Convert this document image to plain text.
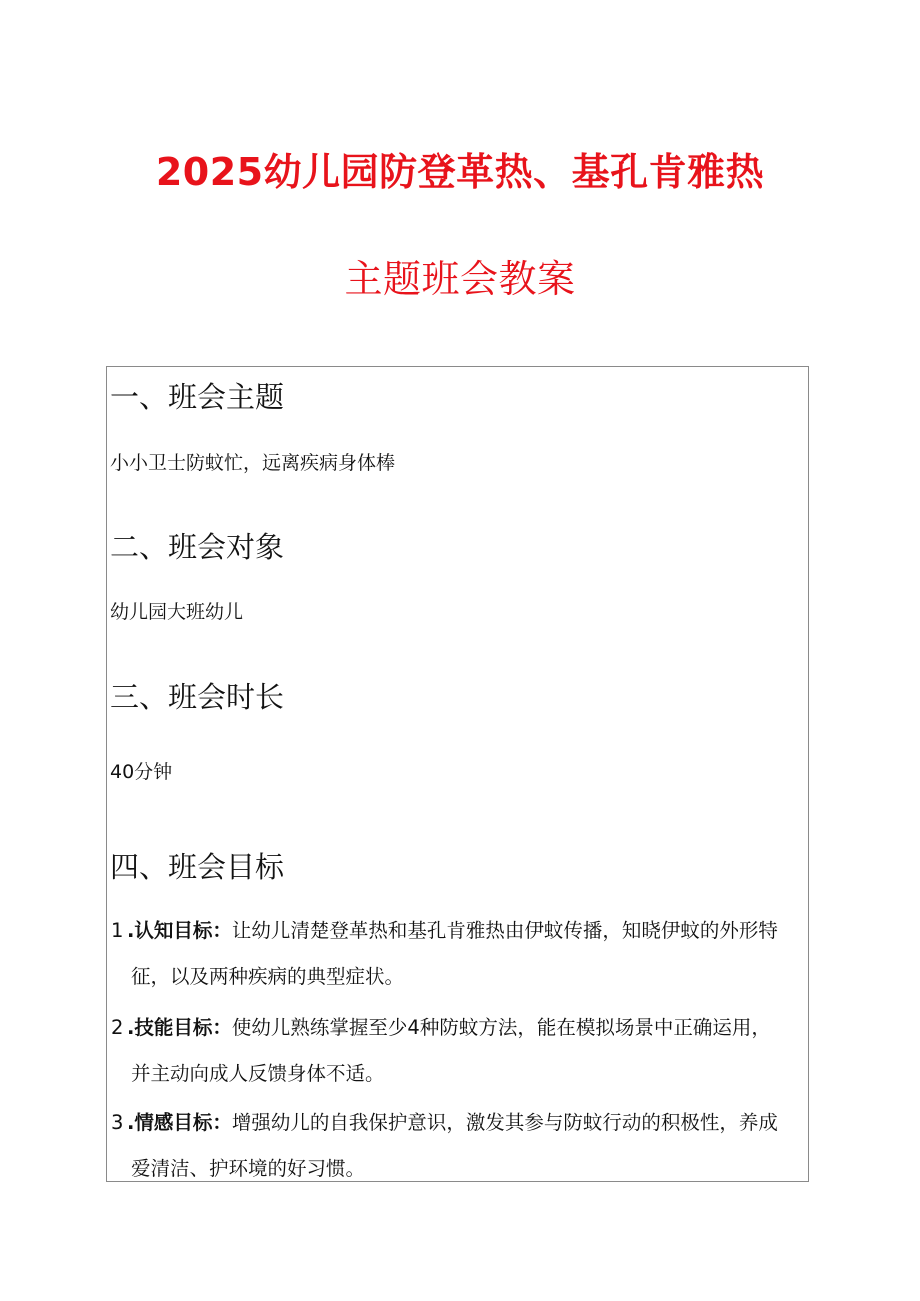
2025幼儿园防登革热、基孔肯雅热
主题班会教案
一、班会主题
小小卫士防蚊忙，远离疾病身体棒
二、班会对象
幼儿园大班幼儿
三、班会时长
40分钟
四、班会目标
1 .认知目标：让幼儿清楚登革热和基孔肯雅热由伊蚊传播，知晓伊蚊的外形特
征，以及两种疾病的典型症状。
2 .技能目标：使幼儿熟练掌握至少4种防蚊方法，能在模拟场景中正确运用，
并主动向成人反馈身体不适。
3 .情感目标：增强幼儿的自我保护意识，激发其参与防蚊行动的积极性，养成
爱清洁、护环境的好习惯。
